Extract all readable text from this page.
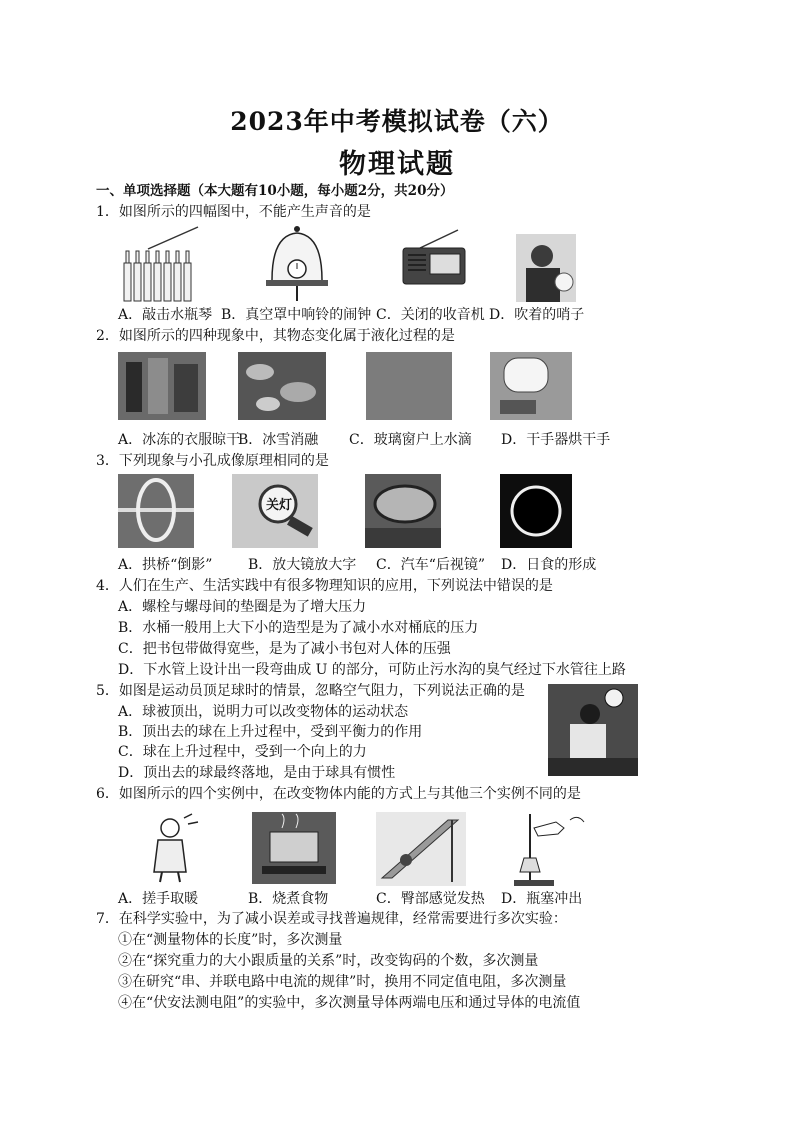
2023年中考模拟试卷（六）
物理试题
一、单项选择题（本大题有10小题，每小题2分，共20分）
1．如图所示的四幅图中，不能产生声音的是
A．敲击水瓶琴 B．真空罩中响铃的闹钟 C．关闭的收音机 D．吹着的哨子
2．如图所示的四种现象中，其物态变化属于液化过程的是
A．冰冻的衣服晾干
B．冰雪消融 C．玻璃窗户上水滴 D．干手器烘干手
3．下列现象与小孔成像原理相同的是
关灯
A．拱桥“倒影”	B．放大镜放大字 C．汽车“后视镜” D．日食的形成
4．人们在生产、生活实践中有很多物理知识的应用，下列说法中错误的是
A．螺栓与螺母间的垫圈是为了增大压力
B．水桶一般用上大下小的造型是为了减小水对桶底的压力
C．把书包带做得宽些，是为了减小书包对人体的压强
D．下水管上设计出一段弯曲成 U 的部分，可防止污水沟的臭气经过下水管往上路
5．如图是运动员顶足球时的情景，忽略空气阻力，下列说法正确的是
A．球被顶出，说明力可以改变物体的运动状态
B．顶出去的球在上升过程中，受到平衡力的作用
C．球在上升过程中，受到一个向上的力
D．顶出去的球最终落地，是由于球具有惯性
6．如图所示的四个实例中，在改变物体内能的方式上与其他三个实例不同的是
A．搓手取暖	B．烧煮食物	C．臀部感觉发热 D．瓶塞冲出
7．在科学实验中，为了减小误差或寻找普遍规律，经常需要进行多次实验：
①在“测量物体的长度”时，多次测量
②在“探究重力的大小跟质量的关系”时，改变钩码的个数，多次测量
③在研究“串、并联电路中电流的规律”时，换用不同定值电阻，多次测量
④在“伏安法测电阻”的实验中，多次测量导体两端电压和通过导体的电流值
